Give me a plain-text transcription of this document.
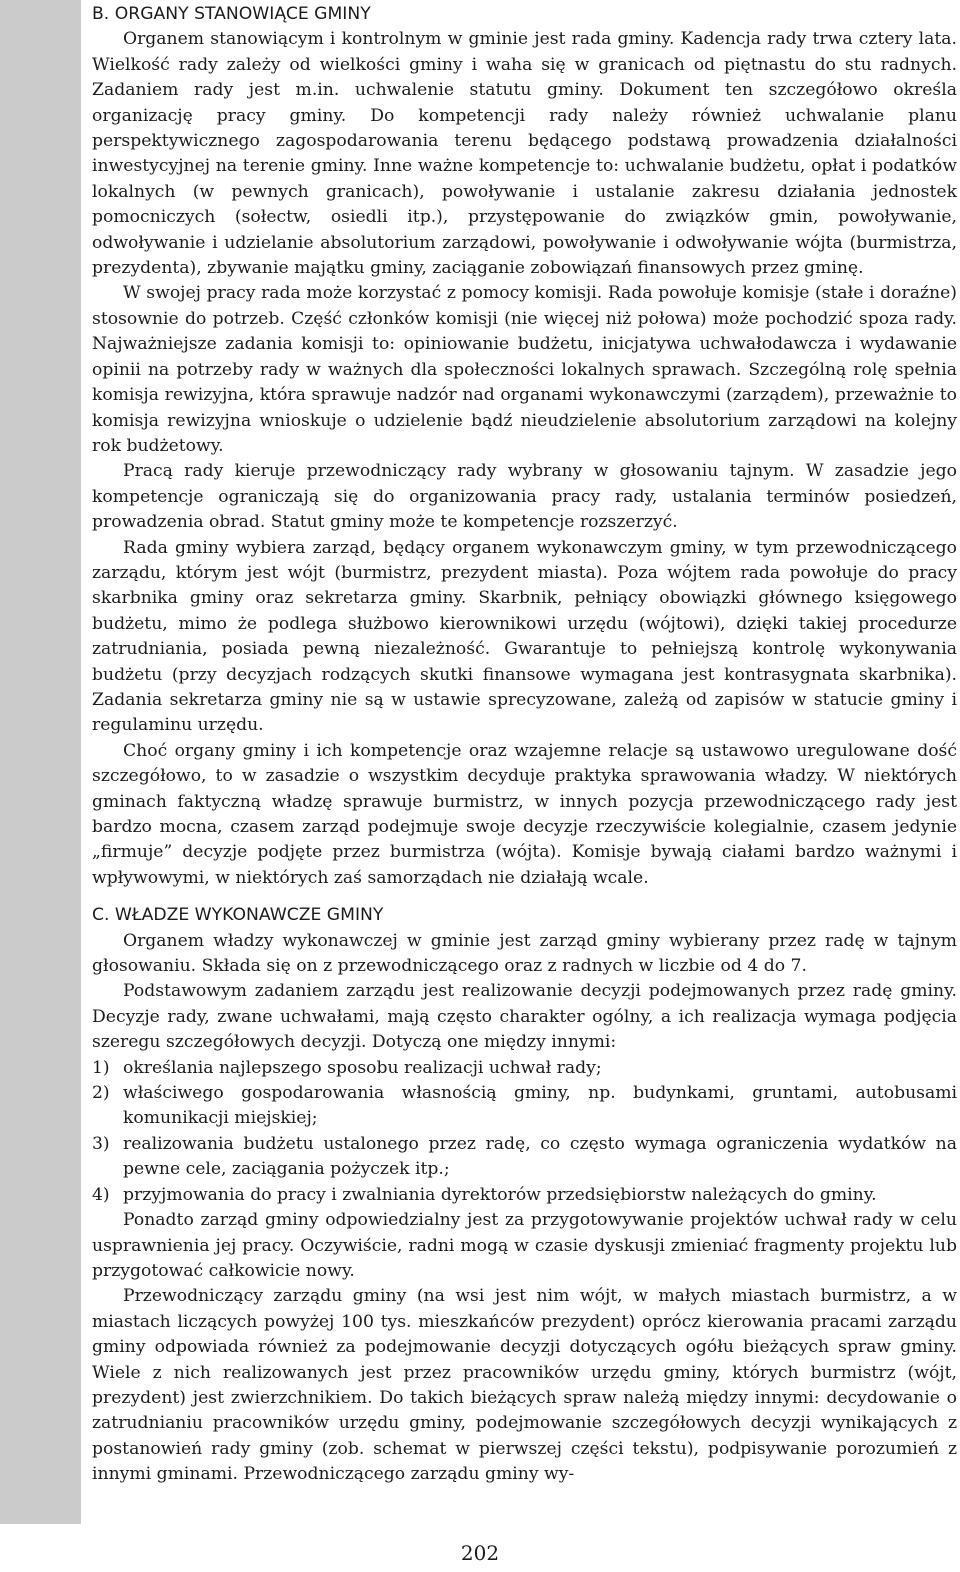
B. ORGANY STANOWIĄCE GMINY

Organem stanowiącym i kontrolnym w gminie jest rada gminy. Kadencja rady trwa cztery lata. Wielkość rady zależy od wielkości gminy i waha się w granicach od piętnastu do stu radnych. Zadaniem rady jest m.in. uchwalenie statutu gminy. Dokument ten szczegółowo określa organizację pracy gminy. Do kompetencji rady należy również uchwalanie planu perspektywicznego zagospodarowania terenu będącego podstawą prowadzenia działalności inwestycyjnej na terenie gminy. Inne ważne kompetencje to: uchwalanie budżetu, opłat i podatków lokalnych (w pewnych granicach), powoływanie i ustalanie zakresu działania jednostek pomocniczych (sołectw, osiedli itp.), przystępowanie do związków gmin, powoływanie, odwoływanie i udzielanie absolutorium zarządowi, powoływanie i odwoływanie wójta (burmistrza, prezydenta), zbywanie majątku gminy, zaciąganie zobowiązań finansowych przez gminę.

W swojej pracy rada może korzystać z pomocy komisji. Rada powołuje komisje (stałe i doraźne) stosownie do potrzeb. Część członków komisji (nie więcej niż połowa) może pochodzić spoza rady. Najważniejsze zadania komisji to: opiniowanie budżetu, inicjatywa uchwałodawcza i wydawanie opinii na potrzeby rady w ważnych dla społeczności lokalnych sprawach. Szczególną rolę spełnia komisja rewizyjna, która sprawuje nadzór nad organami wykonawczymi (zarządem), przeważnie to komisja rewizyjna wnioskuje o udzielenie bądź nieudzielenie absolutorium zarządowi na kolejny rok budżetowy.

Pracą rady kieruje przewodniczący rady wybrany w głosowaniu tajnym. W zasadzie jego kompetencje ograniczają się do organizowania pracy rady, ustalania terminów posiedzeń, prowadzenia obrad. Statut gminy może te kompetencje rozszerzyć.

Rada gminy wybiera zarząd, będący organem wykonawczym gminy, w tym przewodniczącego zarządu, którym jest wójt (burmistrz, prezydent miasta). Poza wójtem rada powołuje do pracy skarbnika gminy oraz sekretarza gminy. Skarbnik, pełniący obowiązki głównego księgowego budżetu, mimo że podlega służbowo kierownikowi urzędu (wójtowi), dzięki takiej procedurze zatrudniania, posiada pewną niezależność. Gwarantuje to pełniejszą kontrolę wykonywania budżetu (przy decyzjach rodzących skutki finansowe wymagana jest kontrasygnata skarbnika). Zadania sekretarza gminy nie są w ustawie sprecyzowane, zależą od zapisów w statucie gminy i regulaminu urzędu.

Choć organy gminy i ich kompetencje oraz wzajemne relacje są ustawowo uregulowane dość szczegółowo, to w zasadzie o wszystkim decyduje praktyka sprawowania władzy. W niektórych gminach faktyczną władzę sprawuje burmistrz, w innych pozycja przewodniczącego rady jest bardzo mocna, czasem zarząd podejmuje swoje decyzje rzeczywiście kolegialnie, czasem jedynie „firmuje” decyzje podjęte przez burmistrza (wójta). Komisje bywają ciałami bardzo ważnymi i wpływowymi, w niektórych zaś samorządach nie działają wcale.

C. WŁADZE WYKONAWCZE GMINY

Organem władzy wykonawczej w gminie jest zarząd gminy wybierany przez radę w tajnym głosowaniu. Składa się on z przewodniczącego oraz z radnych w liczbie od 4 do 7.

Podstawowym zadaniem zarządu jest realizowanie decyzji podejmowanych przez radę gminy. Decyzje rady, zwane uchwałami, mają często charakter ogólny, a ich realizacja wymaga podjęcia szeregu szczegółowych decyzji. Dotyczą one między innymi:

1) określania najlepszego sposobu realizacji uchwał rady;
2) właściwego gospodarowania własnością gminy, np. budynkami, gruntami, autobusami komunikacji miejskiej;
3) realizowania budżetu ustalonego przez radę, co często wymaga ograniczenia wydatków na pewne cele, zaciągania pożyczek itp.;
4) przyjmowania do pracy i zwalniania dyrektorów przedsiębiorstw należących do gminy.

Ponadto zarząd gminy odpowiedzialny jest za przygotowywanie projektów uchwał rady w celu usprawnienia jej pracy. Oczywiście, radni mogą w czasie dyskusji zmieniać fragmenty projektu lub przygotować całkowicie nowy.

Przewodniczący zarządu gminy (na wsi jest nim wójt, w małych miastach burmistrz, a w miastach liczących powyżej 100 tys. mieszkańców prezydent) oprócz kierowania pracami zarządu gminy odpowiada również za podejmowanie decyzji dotyczących ogółu bieżących spraw gminy. Wiele z nich realizowanych jest przez pracowników urzędu gminy, których burmistrz (wójt, prezydent) jest zwierzchnikiem. Do takich bieżących spraw należą między innymi: decydowanie o zatrudnianiu pracowników urzędu gminy, podejmowanie szczegółowych decyzji wynikających z postanowień rady gminy (zob. schemat w pierwszej części tekstu), podpisywanie porozumień z innymi gminami. Przewodniczącego zarządu gminy wy-

202
